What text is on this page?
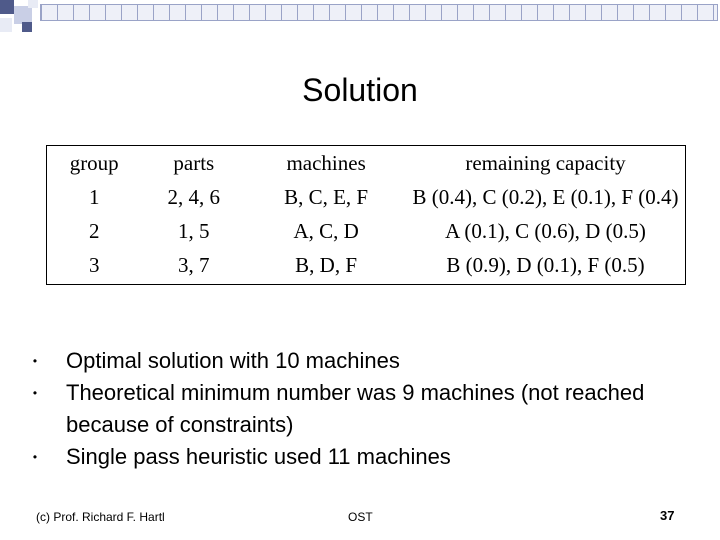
Solution
group	parts	machines	remaining capacity
1	2, 4, 6	B, C, E, F	B (0.4), C (0.2), E (0.1), F (0.4)
2	1, 5	A, C, D	A (0.1), C (0.6), D (0.5)
3	3, 7	B, D, F	B (0.9), D (0.1), F (0.5)
• Optimal solution with 10 machines
• Theoretical minimum number was 9 machines (not reached because of constraints)
• Single pass heuristic used 11 machines
(c) Prof. Richard F. Hartl	OST	37
